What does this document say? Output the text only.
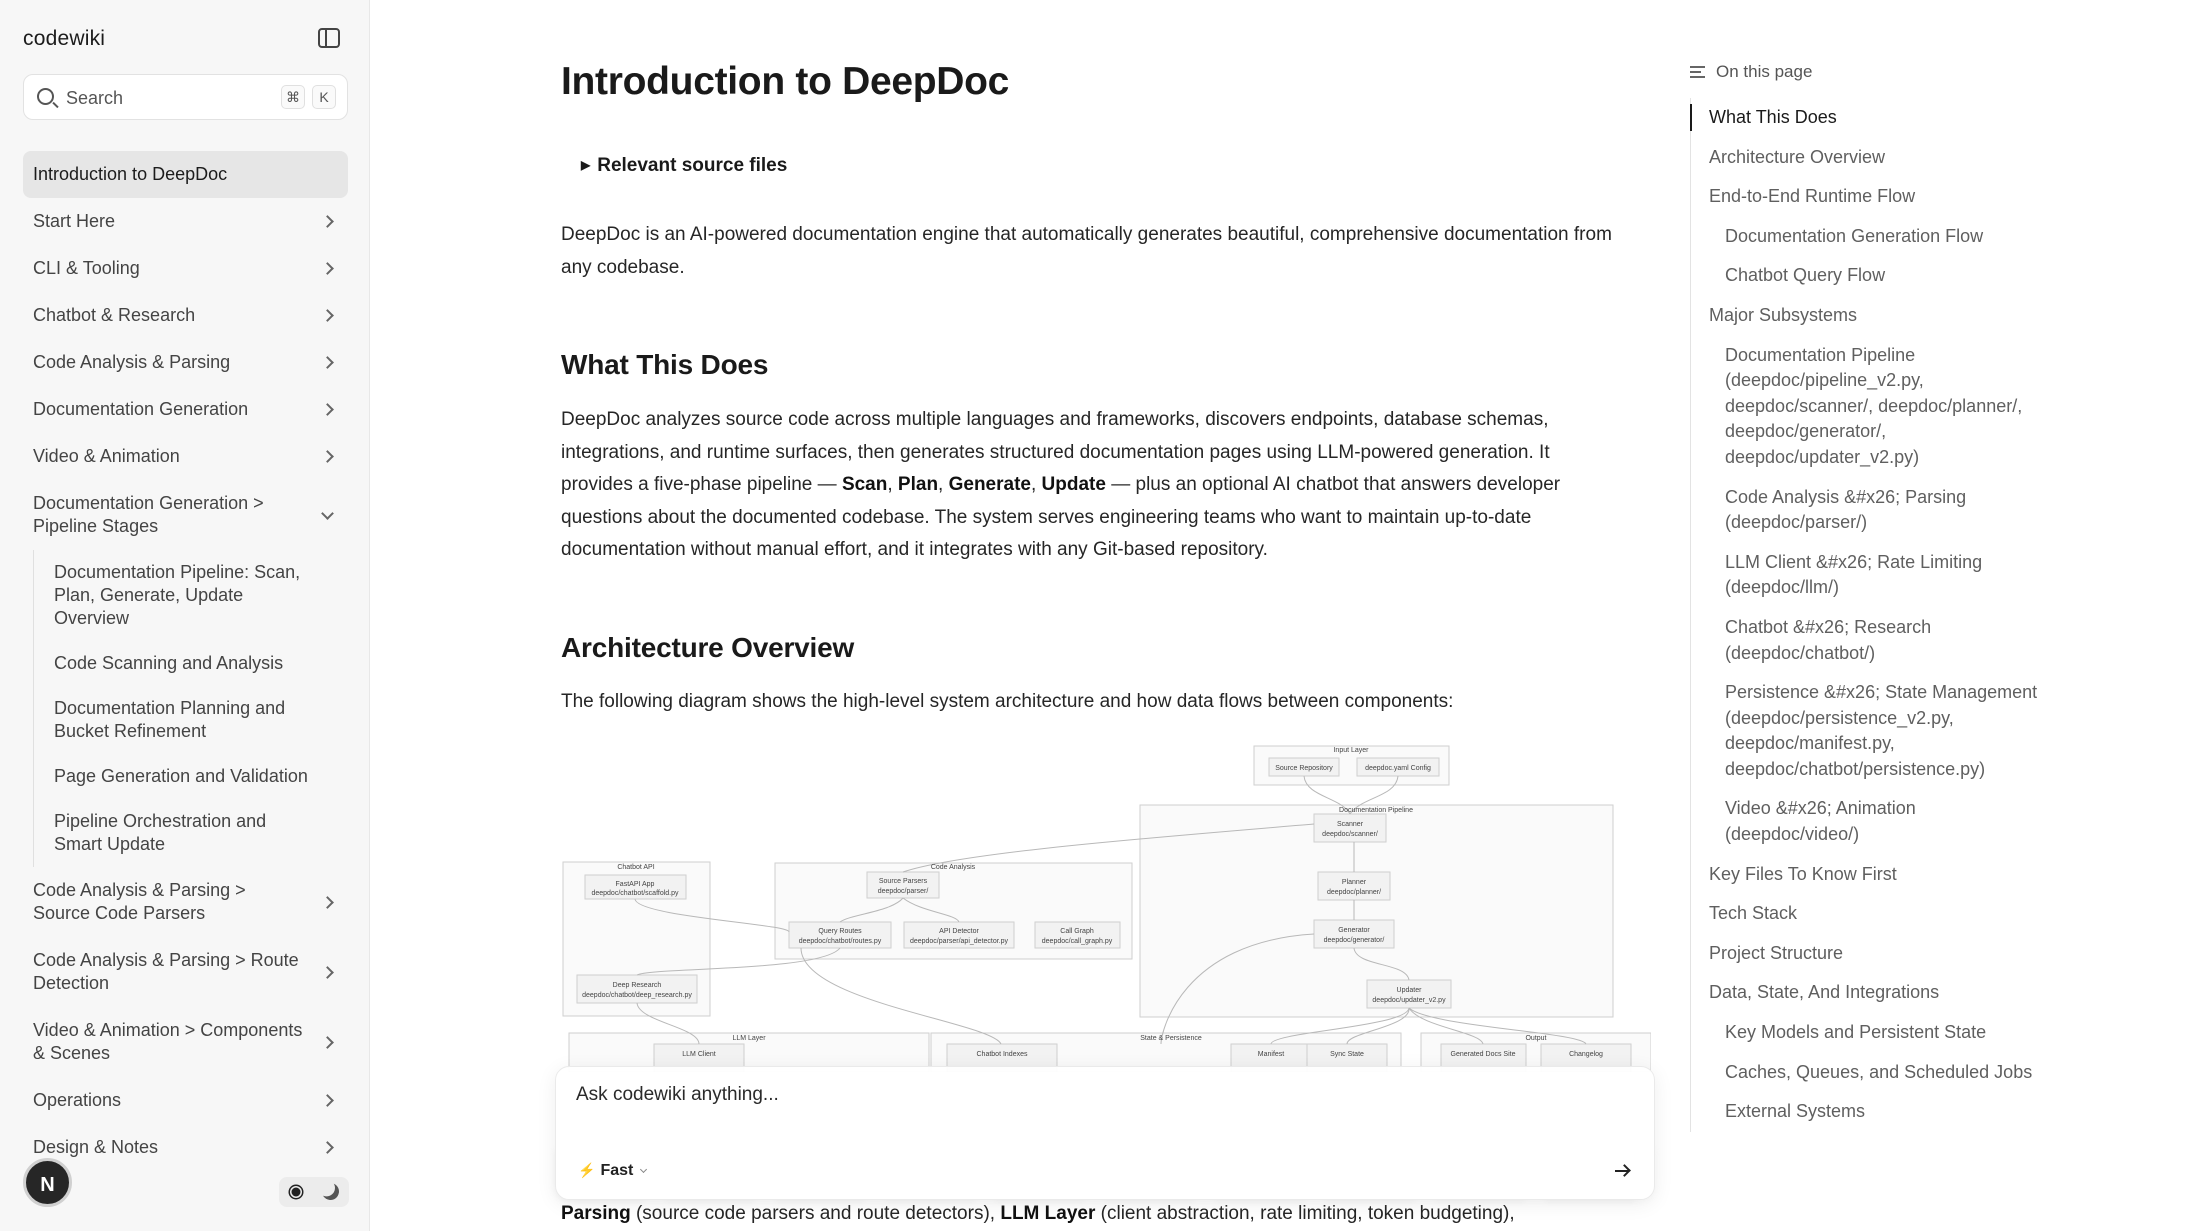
codewiki
Search	⌘	K
Introduction to DeepDoc
Start Here
CLI & Tooling
Chatbot & Research
Code Analysis & Parsing
Documentation Generation
Video & Animation
Documentation Generation > Pipeline Stages
Documentation Pipeline: Scan, Plan, Generate, Update Overview
Code Scanning and Analysis
Documentation Planning and Bucket Refinement
Page Generation and Validation
Pipeline Orchestration and Smart Update
Code Analysis & Parsing > Source Code Parsers
Code Analysis & Parsing > Route Detection
Video & Animation > Components & Scenes
Operations
Design & Notes
N
Introduction to DeepDoc
▶ Relevant source files

DeepDoc is an AI-powered documentation engine that automatically generates beautiful, comprehensive documentation from any codebase.

What This Does

DeepDoc analyzes source code across multiple languages and frameworks, discovers endpoints, database schemas, integrations, and runtime surfaces, then generates structured documentation pages using LLM-powered generation. It provides a five-phase pipeline — Scan, Plan, Generate, Update — plus an optional AI chatbot that answers developer questions about the documented codebase. The system serves engineering teams who want to maintain up-to-date documentation without manual effort, and it integrates with any Git-based repository.

Architecture Overview

The following diagram shows the high-level system architecture and how data flows between components:

Input Layer
Source Repository	deepdoc.yaml Config
Documentation Pipeline
Scanner
deepdoc/scanner/
Planner
deepdoc/planner/
Generator
deepdoc/generator/
Updater
deepdoc/updater_v2.py
Chatbot API
FastAPI App
deepdoc/chatbot/scaffold.py
Deep Research
deepdoc/chatbot/deep_research.py
Code Analysis
Source Parsers
deepdoc/parser/
Query Routes
deepdoc/chatbot/routes.py
API Detector
deepdoc/parser/api_detector.py
Call Graph
deepdoc/call_graph.py
LLM Layer
LLM Client	Chatbot Indexes
State & Persistence
Manifest	Sync State
Output
Generated Docs Site	Changelog

Parsing (source code parsers and route detectors), LLM Layer (client abstraction, rate limiting, token budgeting),

Ask codewiki anything...
⚡ Fast
On this page
What This Does
Architecture Overview
End-to-End Runtime Flow
Documentation Generation Flow
Chatbot Query Flow
Major Subsystems
Documentation Pipeline (deepdoc/pipeline_v2.py, deepdoc/scanner/, deepdoc/planner/, deepdoc/generator/, deepdoc/updater_v2.py)
Code Analysis &#x26; Parsing (deepdoc/parser/)
LLM Client &#x26; Rate Limiting (deepdoc/llm/)
Chatbot &#x26; Research (deepdoc/chatbot/)
Persistence &#x26; State Management (deepdoc/persistence_v2.py, deepdoc/manifest.py, deepdoc/chatbot/persistence.py)
Video &#x26; Animation (deepdoc/video/)
Key Files To Know First
Tech Stack
Project Structure
Data, State, And Integrations
Key Models and Persistent State
Caches, Queues, and Scheduled Jobs
External Systems
